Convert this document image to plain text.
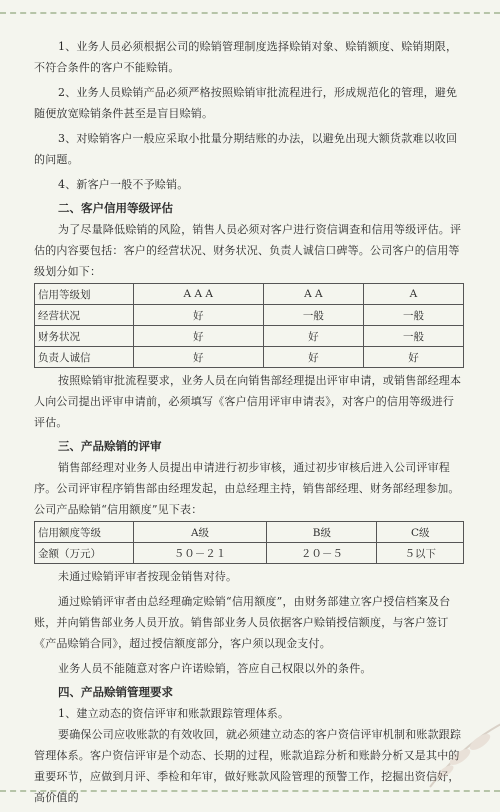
1、业务人员必须根据公司的赊销管理制度选择赊销对象、赊销额度、赊销期限，不符合条件的客户不能赊销。

2、业务人员赊销产品必须严格按照赊销审批流程进行，形成规范化的管理，避免随便放宽赊销条件甚至是盲目赊销。

3、对赊销客户一般应采取小批量分期结账的办法，以避免出现大额货款难以收回的问题。

4、新客户一般不予赊销。

二、客户信用等级评估

为了尽量降低赊销的风险，销售人员必须对客户进行资信调查和信用等级评估。评估的内容要包括：客户的经营状况、财务状况、负责人诚信口碑等。公司客户的信用等级划分如下：

信用等级划	A A A	A A	A
经营状况	好	一般	一般
财务状况	好	好	一般
负责人诚信	好	好	好

按照赊销审批流程要求，业务人员在向销售部经理提出评审申请，或销售部经理本人向公司提出评审申请前，必须填写《客户信用评审申请表》，对客户的信用等级进行评估。

三、产品赊销的评审

销售部经理对业务人员提出申请进行初步审核，通过初步审核后进入公司评审程序。公司评审程序销售部由经理发起，由总经理主持，销售部经理、财务部经理参加。公司产品赊销“信用额度”见下表：

信用额度等级	A级	B级	C级
金额（万元）	５０－２１	２０－５	５以下

未通过赊销评审者按现金销售对待。

通过赊销评审者由总经理确定赊销“信用额度”，由财务部建立客户授信档案及台账，并向销售部业务人员开放。销售部业务人员依据客户赊销授信额度，与客户签订《产品赊销合同》，超过授信额度部分，客户须以现金支付。

业务人员不能随意对客户许诺赊销，答应自己权限以外的条件。

四、产品赊销管理要求

1、建立动态的资信评审和账款跟踪管理体系。

要确保公司应收账款的有效收回，就必须建立动态的客户资信评审机制和账款跟踪管理体系。客户资信评审是个动态、长期的过程，账款追踪分析和账龄分析又是其中的重要环节，应做到月评、季检和年审，做好账款风险管理的预警工作，挖掘出资信好，高价值的
